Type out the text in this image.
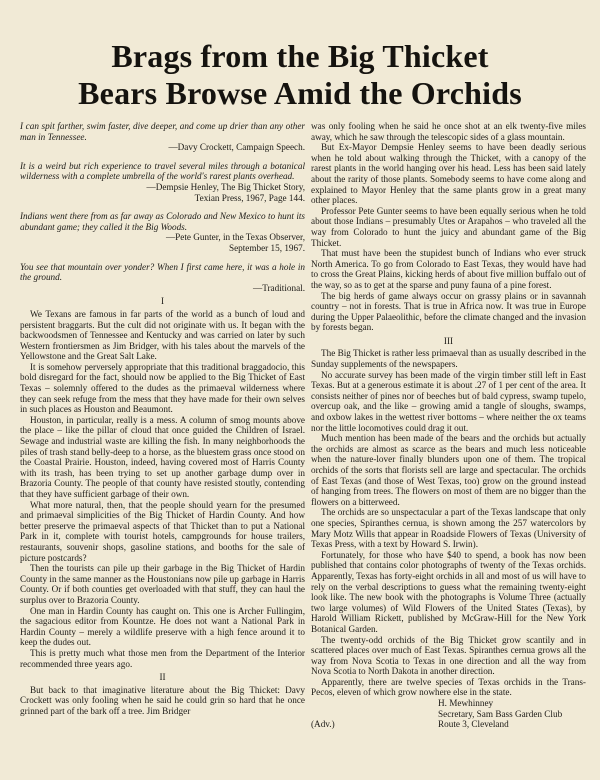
Brags from the Big Thicket
Bears Browse Amid the Orchids

I can spit farther, swim faster, dive deeper, and come up drier than any other man in Tennessee.

—Davy Crockett, Campaign Speech.

It is a weird but rich experience to travel several miles through a botanical wilderness with a complete umbrella of the world's rarest plants overhead.

—Dempsie Henley, The Big Thicket Story,

Texian Press, 1967, Page 144.

Indians went there from as far away as Colorado and New Mexico to hunt its abundant game; they called it the Big Woods.

—Pete Gunter, in the Texas Observer,

September 15, 1967.

You see that mountain over yonder? When I first came here, it was a hole in the ground.

—Traditional.

I

We Texans are famous in far parts of the world as a bunch of loud and persistent braggarts. But the cult did not originate with us. It began with the backwoodsmen of Tennessee and Kentucky and was carried on later by such Western frontiersmen as Jim Bridger, with his tales about the marvels of the Yellowstone and the Great Salt Lake.

It is somehow perversely appropriate that this traditional braggadocio, this bold disregard for the fact, should now be applied to the Big Thicket of East Texas – solemnly offered to the dudes as the primaeval wilderness where they can seek refuge from the mess that they have made for their own selves in such places as Houston and Beaumont.

Houston, in particular, really is a mess. A column of smog mounts above the place – like the pillar of cloud that once guided the Children of Israel. Sewage and industrial waste are killing the fish. In many neighborhoods the piles of trash stand belly-deep to a horse, as the bluestem grass once stood on the Coastal Prairie. Houston, indeed, having covered most of Harris County with its trash, has been trying to set up another garbage dump over in Brazoria County. The people of that county have resisted stoutly, contending that they have sufficient garbage of their own.

What more natural, then, that the people should yearn for the presumed and primaeval simplicities of the Big Thicket of Hardin County. And how better preserve the primaeval aspects of that Thicket than to put a National Park in it, complete with tourist hotels, campgrounds for house trailers, restaurants, souvenir shops, gasoline stations, and booths for the sale of picture postcards?

Then the tourists can pile up their garbage in the Big Thicket of Hardin County in the same manner as the Houstonians now pile up garbage in Harris County. Or if both counties get overloaded with that stuff, they can haul the surplus over to Brazoria County.

One man in Hardin County has caught on. This one is Archer Fullingim, the sagacious editor from Kountze. He does not want a National Park in Hardin County – merely a wildlife preserve with a high fence around it to keep the dudes out.

This is pretty much what those men from the Department of the Interior recommended three years ago.

II

But back to that imaginative literature about the Big Thicket: Davy Crockett was only fooling when he said he could grin so hard that he once grinned part of the bark off a tree. Jim Bridger

was only fooling when he said he once shot at an elk twenty-five miles away, which he saw through the telescopic sides of a glass mountain.

But Ex-Mayor Dempsie Henley seems to have been deadly serious when he told about walking through the Thicket, with a canopy of the rarest plants in the world hanging over his head. Less has been said lately about the rarity of those plants. Somebody seems to have come along and explained to Mayor Henley that the same plants grow in a great many other places.

Professor Pete Gunter seems to have been equally serious when he told about those Indians – presumably Utes or Arapahos – who traveled all the way from Colorado to hunt the juicy and abundant game of the Big Thicket.

That must have been the stupidest bunch of Indians who ever struck North America. To go from Colorado to East Texas, they would have had to cross the Great Plains, kicking herds of about five million buffalo out of the way, so as to get at the sparse and puny fauna of a pine forest.

The big herds of game always occur on grassy plains or in savannah country – not in forests. That is true in Africa now. It was true in Europe during the Upper Palaeolithic, before the climate changed and the invasion by forests began.

III

The Big Thicket is rather less primaeval than as usually described in the Sunday supplements of the newspapers.

No accurate survey has been made of the virgin timber still left in East Texas. But at a generous estimate it is about .27 of 1 per cent of the area. It consists neither of pines nor of beeches but of bald cypress, swamp tupelo, overcup oak, and the like – growing amid a tangle of sloughs, swamps, and oxbow lakes in the wettest river bottoms – where neither the ox teams nor the little locomotives could drag it out.

Much mention has been made of the bears and the orchids but actually the orchids are almost as scarce as the bears and much less noticeable when the nature-lover finally blunders upon one of them. The tropical orchids of the sorts that florists sell are large and spectacular. The orchids of East Texas (and those of West Texas, too) grow on the ground instead of hanging from trees. The flowers on most of them are no bigger than the flowers on a bitterweed.

The orchids are so unspectacular a part of the Texas landscape that only one species, Spiranthes cernua, is shown among the 257 watercolors by Mary Motz Wills that appear in Roadside Flowers of Texas (University of Texas Press, with a text by Howard S. Irwin).

Fortunately, for those who have $40 to spend, a book has now been published that contains color photographs of twenty of the Texas orchids. Apparently, Texas has forty-eight orchids in all and most of us will have to rely on the verbal descriptions to guess what the remaining twenty-eight look like. The new book with the photographs is Volume Three (actually two large volumes) of Wild Flowers of the United States (Texas), by Harold William Rickett, published by McGraw-Hill for the New York Botanical Garden.

The twenty-odd orchids of the Big Thicket grow scantily and in scattered places over much of East Texas. Spiranthes cernua grows all the way from Nova Scotia to Texas in one direction and all the way from Nova Scotia to North Dakota in another direction.

Apparently, there are twelve species of Texas orchids in the Trans-Pecos, eleven of which grow nowhere else in the state.

(Adv.)
H. Mewhinney
Secretary, Sam Bass Garden Club
Route 3, Cleveland
